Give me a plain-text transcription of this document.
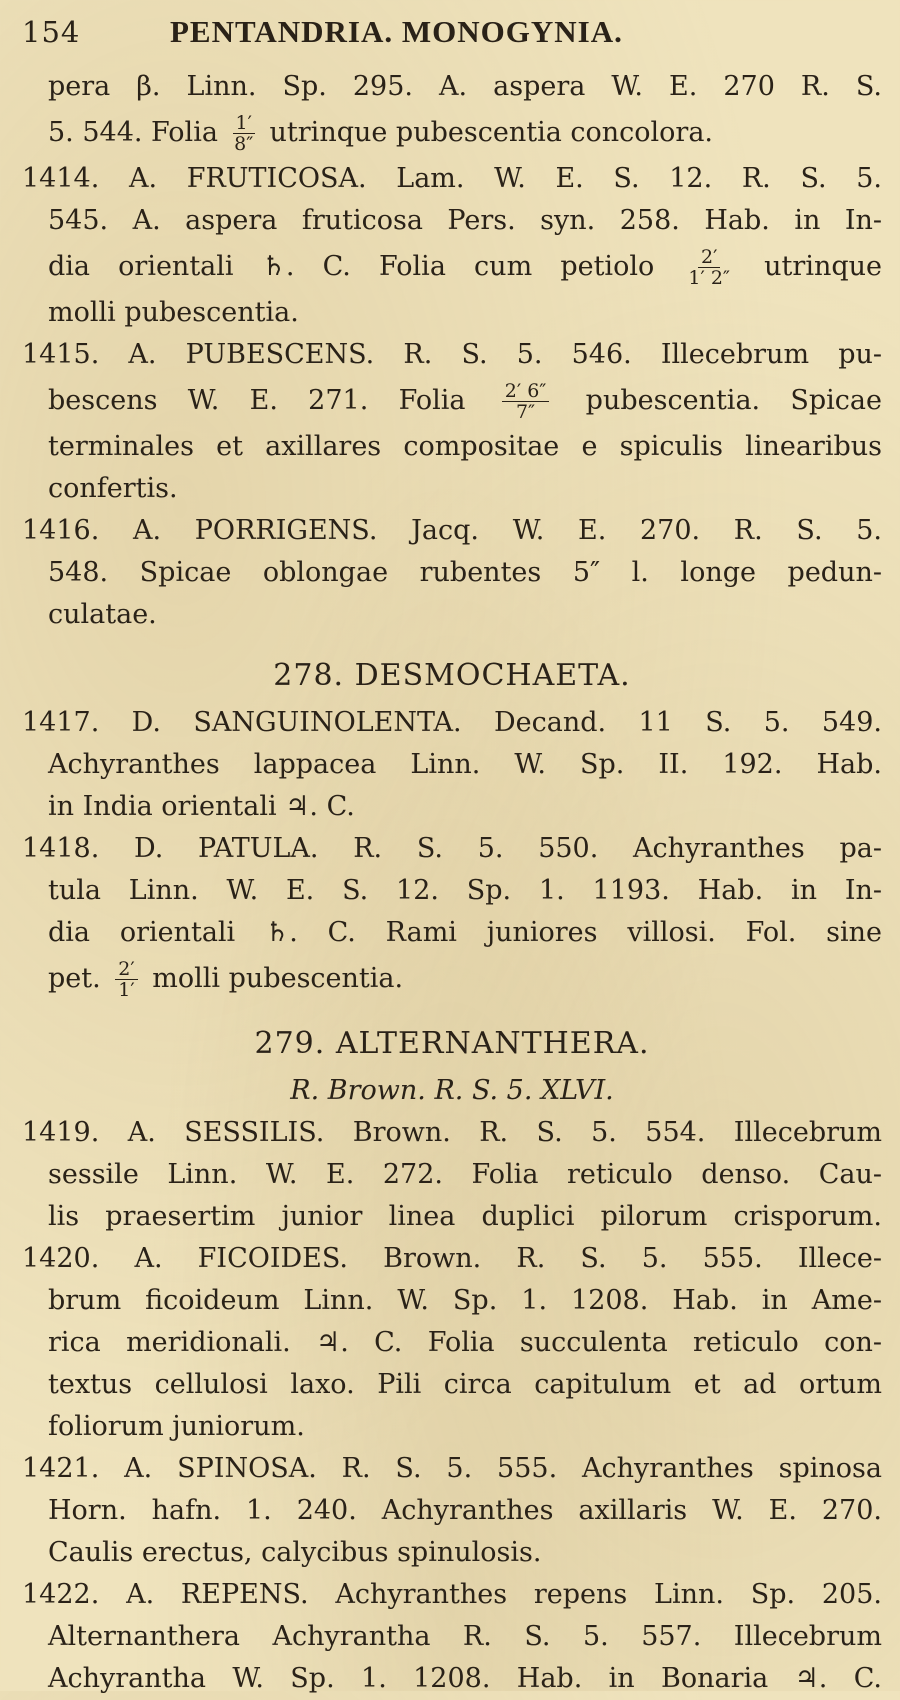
154	PENTANDRIA. MONOGYNIA.

pera β. Linn. Sp. 295. A. aspera W. E. 270 R. S.

5. 544. Folia $\frac{1'}{8''}$ utrinque pubescentia concolora.

1414. A. FRUTICOSA. Lam. W. E. S. 12. R. S. 5.

545. A. aspera fruticosa Pers. syn. 258. Hab. in In-

dia orientali ♄. C. Folia cum petiolo $\frac{2'}{1' 2''}$ utrinque

molli pubescentia.

1415. A. PUBESCENS. R. S. 5. 546. Illecebrum pu-

bescens W. E. 271. Folia $\frac{2' 6''}{7''}$ pubescentia. Spicae

terminales et axillares compositae e spiculis linearibus

confertis.

1416. A. PORRIGENS. Jacq. W. E. 270. R. S. 5.

548. Spicae oblongae rubentes 5″ l. longe pedun-

culatae.

278. DESMOCHAETA.

1417. D. SANGUINOLENTA. Decand. 11 S. 5. 549.

Achyranthes lappacea Linn. W. Sp. II. 192. Hab.

in India orientali ♃. C.

1418. D. PATULA. R. S. 5. 550. Achyranthes pa-

tula Linn. W. E. S. 12. Sp. 1. 1193. Hab. in In-

dia orientali ♄. C. Rami juniores villosi. Fol. sine

pet. $\frac{2'}{1'}$ molli pubescentia.

279. ALTERNANTHERA.

R. Brown. R. S. 5. XLVI.

1419. A. SESSILIS. Brown. R. S. 5. 554. Illecebrum

sessile Linn. W. E. 272. Folia reticulo denso. Cau-

lis praesertim junior linea duplici pilorum crisporum.

1420. A. FICOIDES. Brown. R. S. 5. 555. Illece-

brum ficoideum Linn. W. Sp. 1. 1208. Hab. in Ame-

rica meridionali. ♃. C. Folia succulenta reticulo con-

textus cellulosi laxo. Pili circa capitulum et ad ortum

foliorum juniorum.

1421. A. SPINOSA. R. S. 5. 555. Achyranthes spinosa

Horn. hafn. 1. 240. Achyranthes axillaris W. E. 270.

Caulis erectus, calycibus spinulosis.

1422. A. REPENS. Achyranthes repens Linn. Sp. 205.

Alternanthera Achyrantha R. S. 5. 557. Illecebrum

Achyrantha W. Sp. 1. 1208. Hab. in Bonaria ♃. C.
